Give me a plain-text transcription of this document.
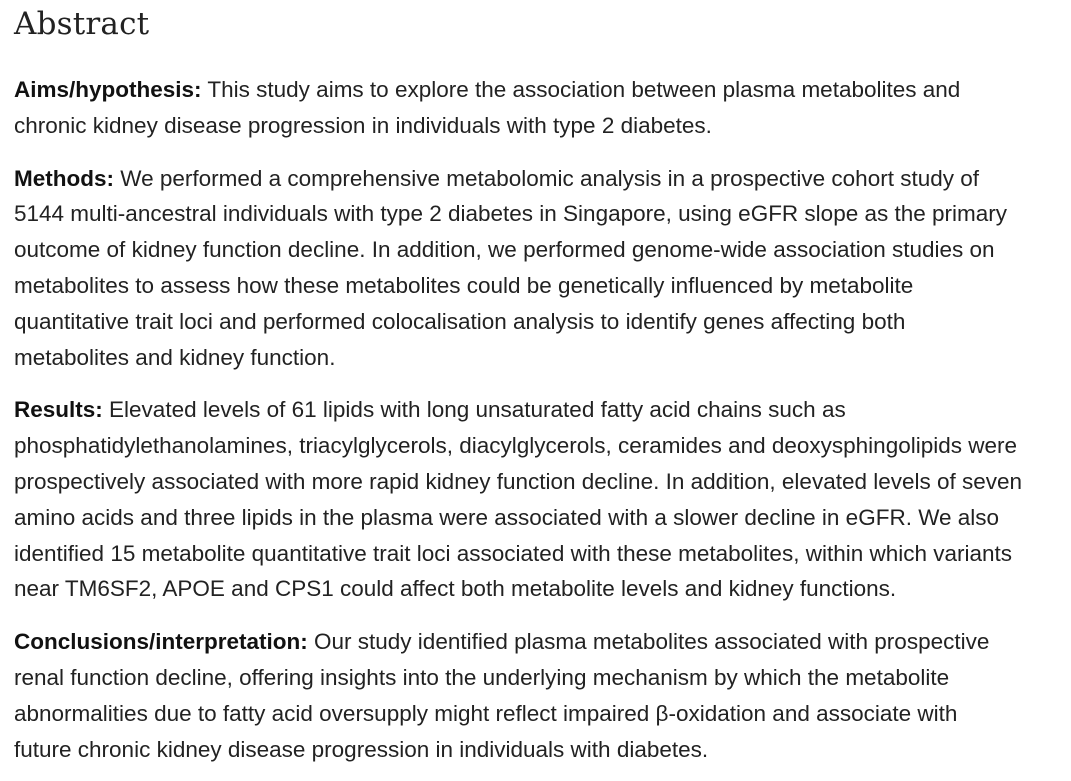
Abstract

Aims/hypothesis: This study aims to explore the association between plasma metabolites and
chronic kidney disease progression in individuals with type 2 diabetes.

Methods: We performed a comprehensive metabolomic analysis in a prospective cohort study of
5144 multi-ancestral individuals with type 2 diabetes in Singapore, using eGFR slope as the primary
outcome of kidney function decline. In addition, we performed genome-wide association studies on
metabolites to assess how these metabolites could be genetically influenced by metabolite
quantitative trait loci and performed colocalisation analysis to identify genes affecting both
metabolites and kidney function.

Results: Elevated levels of 61 lipids with long unsaturated fatty acid chains such as
phosphatidylethanolamines, triacylglycerols, diacylglycerols, ceramides and deoxysphingolipids were
prospectively associated with more rapid kidney function decline. In addition, elevated levels of seven
amino acids and three lipids in the plasma were associated with a slower decline in eGFR. We also
identified 15 metabolite quantitative trait loci associated with these metabolites, within which variants
near TM6SF2, APOE and CPS1 could affect both metabolite levels and kidney functions.

Conclusions/interpretation: Our study identified plasma metabolites associated with prospective
renal function decline, offering insights into the underlying mechanism by which the metabolite
abnormalities due to fatty acid oversupply might reflect impaired β-oxidation and associate with
future chronic kidney disease progression in individuals with diabetes.
